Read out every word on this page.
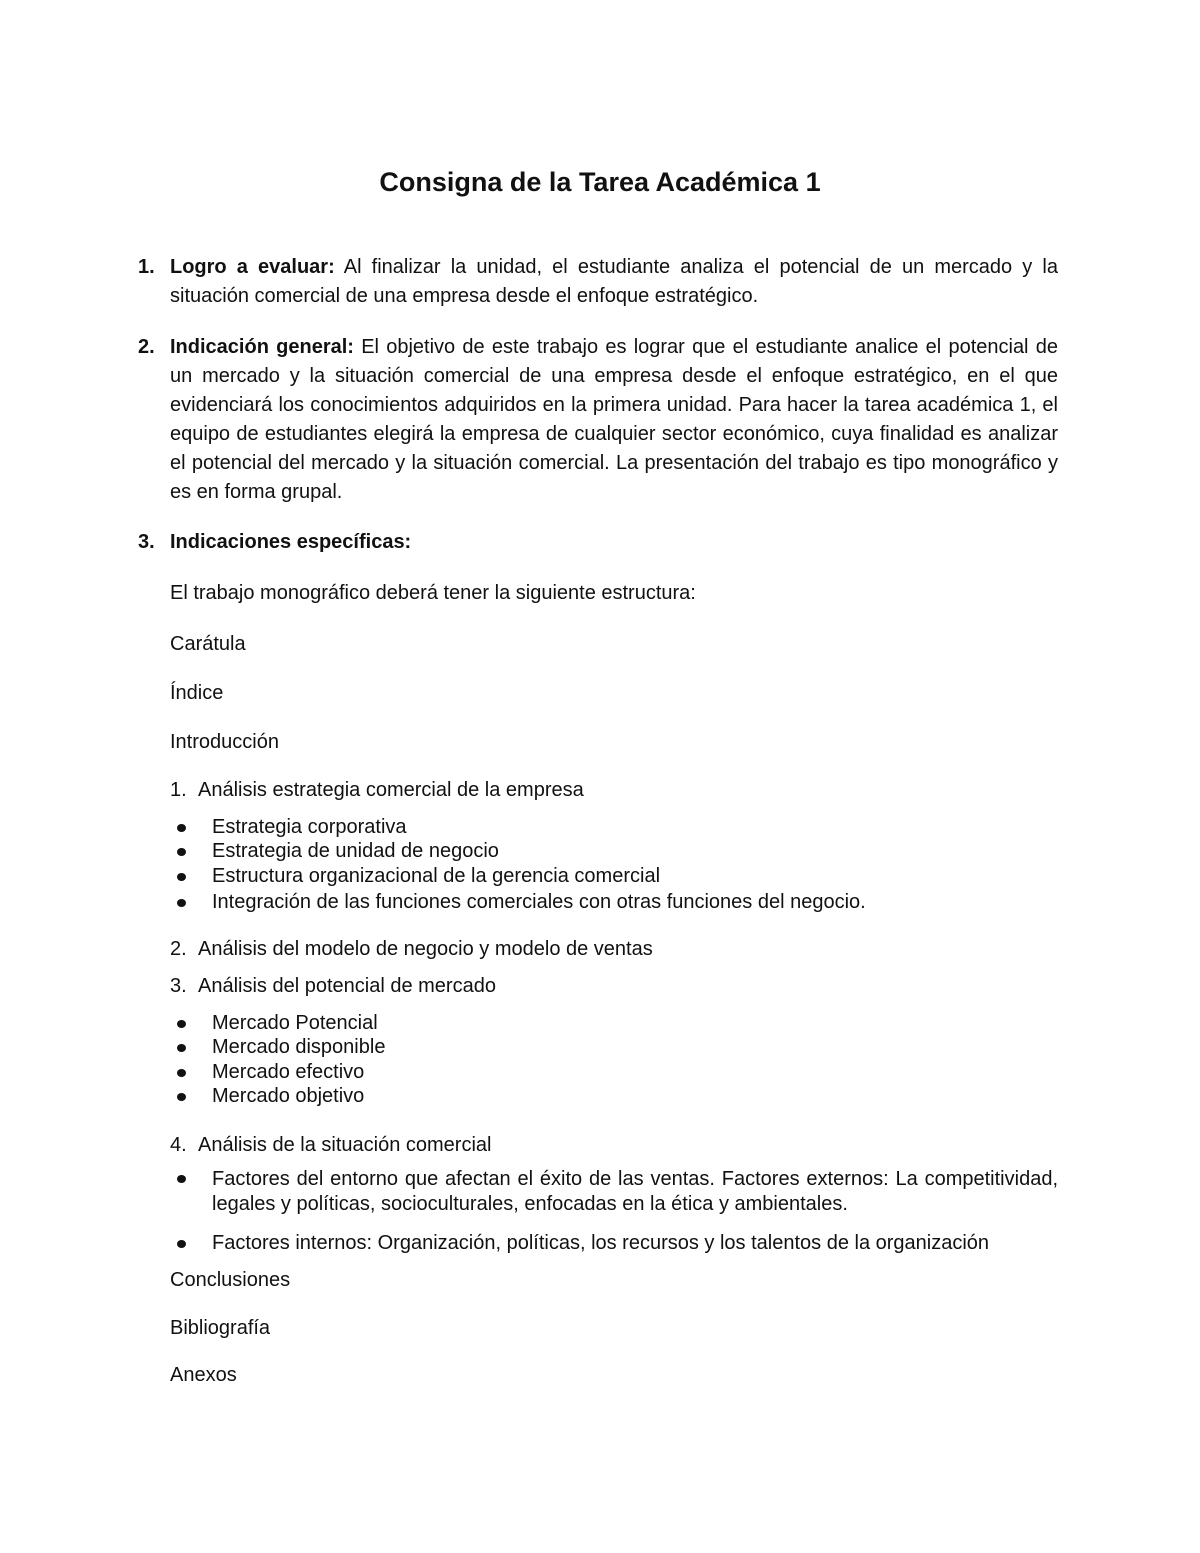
Consigna de la Tarea Académica 1
1. Logro a evaluar: Al finalizar la unidad, el estudiante analiza el potencial de un mercado y la situación comercial de una empresa desde el enfoque estratégico.
2. Indicación general: El objetivo de este trabajo es lograr que el estudiante analice el potencial de un mercado y la situación comercial de una empresa desde el enfoque estratégico, en el que evidenciará los conocimientos adquiridos en la primera unidad. Para hacer la tarea académica 1, el equipo de estudiantes elegirá la empresa de cualquier sector económico, cuya finalidad es analizar el potencial del mercado y la situación comercial. La presentación del trabajo es tipo monográfico y es en forma grupal.
3. Indicaciones específicas:
El trabajo monográfico deberá tener la siguiente estructura:
Carátula
Índice
Introducción
1. Análisis estrategia comercial de la empresa
Estrategia corporativa
Estrategia de unidad de negocio
Estructura organizacional de la gerencia comercial
Integración de las funciones comerciales con otras funciones del negocio.
2. Análisis del modelo de negocio y modelo de ventas
3. Análisis del potencial de mercado
Mercado Potencial
Mercado disponible
Mercado efectivo
Mercado objetivo
4. Análisis de la situación comercial
Factores del entorno que afectan el éxito de las ventas. Factores externos: La competitividad, legales y políticas, socioculturales, enfocadas en la ética y ambientales.
Factores internos: Organización, políticas, los recursos y los talentos de la organización
Conclusiones
Bibliografía
Anexos
